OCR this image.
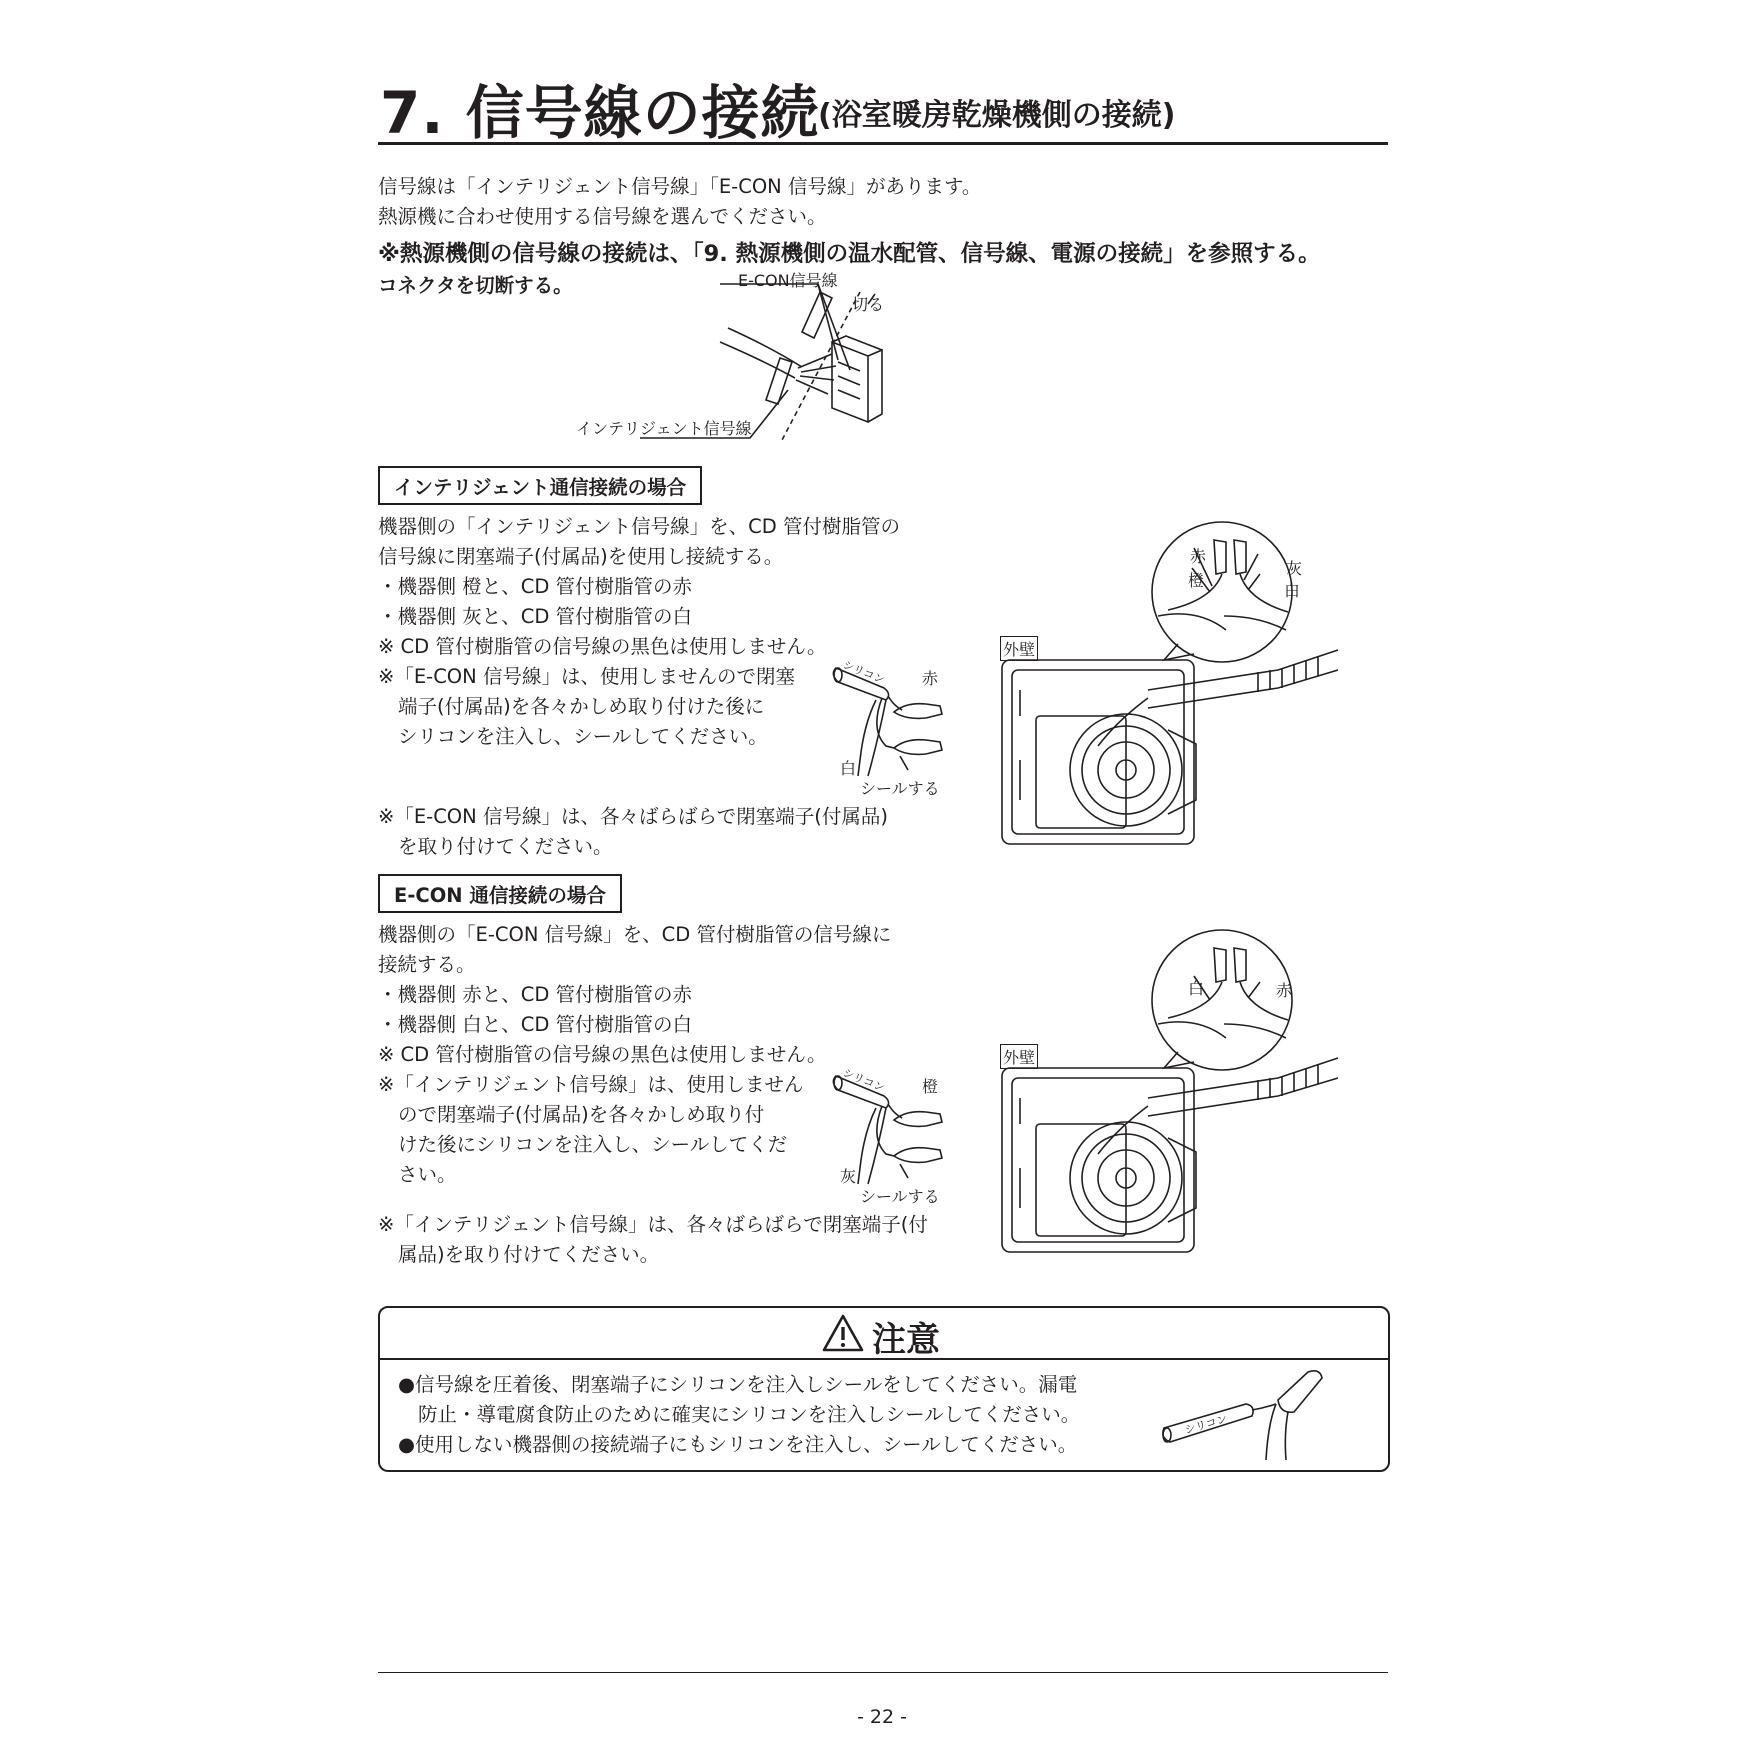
7. 信号線の接続
(浴室暖房乾燥機側の接続)
信号線は「インテリジェント信号線」「E-CON 信号線」があります。
熱源機に合わせ使用する信号線を選んでください。
※熱源機側の信号線の接続は、「9. 熱源機側の温水配管、信号線、電源の接続」を参照する。
コネクタを切断する。	E-CON信号線
切る
インテリジェント信号線
インテリジェント通信接続の場合
機器側の「インテリジェント信号線」を、CD 管付樹脂管の
信号線に閉塞端子(付属品)を使用し接続する。
・機器側 橙と、CD 管付樹脂管の赤
・機器側 灰と、CD 管付樹脂管の白
※ CD 管付樹脂管の信号線の黒色は使用しません。
※「E-CON 信号線」は、使用しませんので閉塞
端子(付属品)を各々かしめ取り付けた後に
シリコンを注入し、シールしてください。
※「E-CON 信号線」は、各々ばらばらで閉塞端子(付属品)
を取り付けてください。
シリコン 赤
白
シールする
外壁
赤
橙
灰
白
E-CON 通信接続の場合
機器側の「E-CON 信号線」を、CD 管付樹脂管の信号線に
接続する。
・機器側 赤と、CD 管付樹脂管の赤
・機器側 白と、CD 管付樹脂管の白
※ CD 管付樹脂管の信号線の黒色は使用しません。
※「インテリジェント信号線」は、使用しません
ので閉塞端子(付属品)を各々かしめ取り付
けた後にシリコンを注入し、シールしてくだ
さい。
※「インテリジェント信号線」は、各々ばらばらで閉塞端子(付
属品)を取り付けてください。
シリコン 橙
灰
シールする
外壁
白	赤
注意
●信号線を圧着後、閉塞端子にシリコンを注入しシールをしてください。漏電
防止・導電腐食防止のために確実にシリコンを注入しシールしてください。
●使用しない機器側の接続端子にもシリコンを注入し、シールしてください。
シリコン
- 22 -
